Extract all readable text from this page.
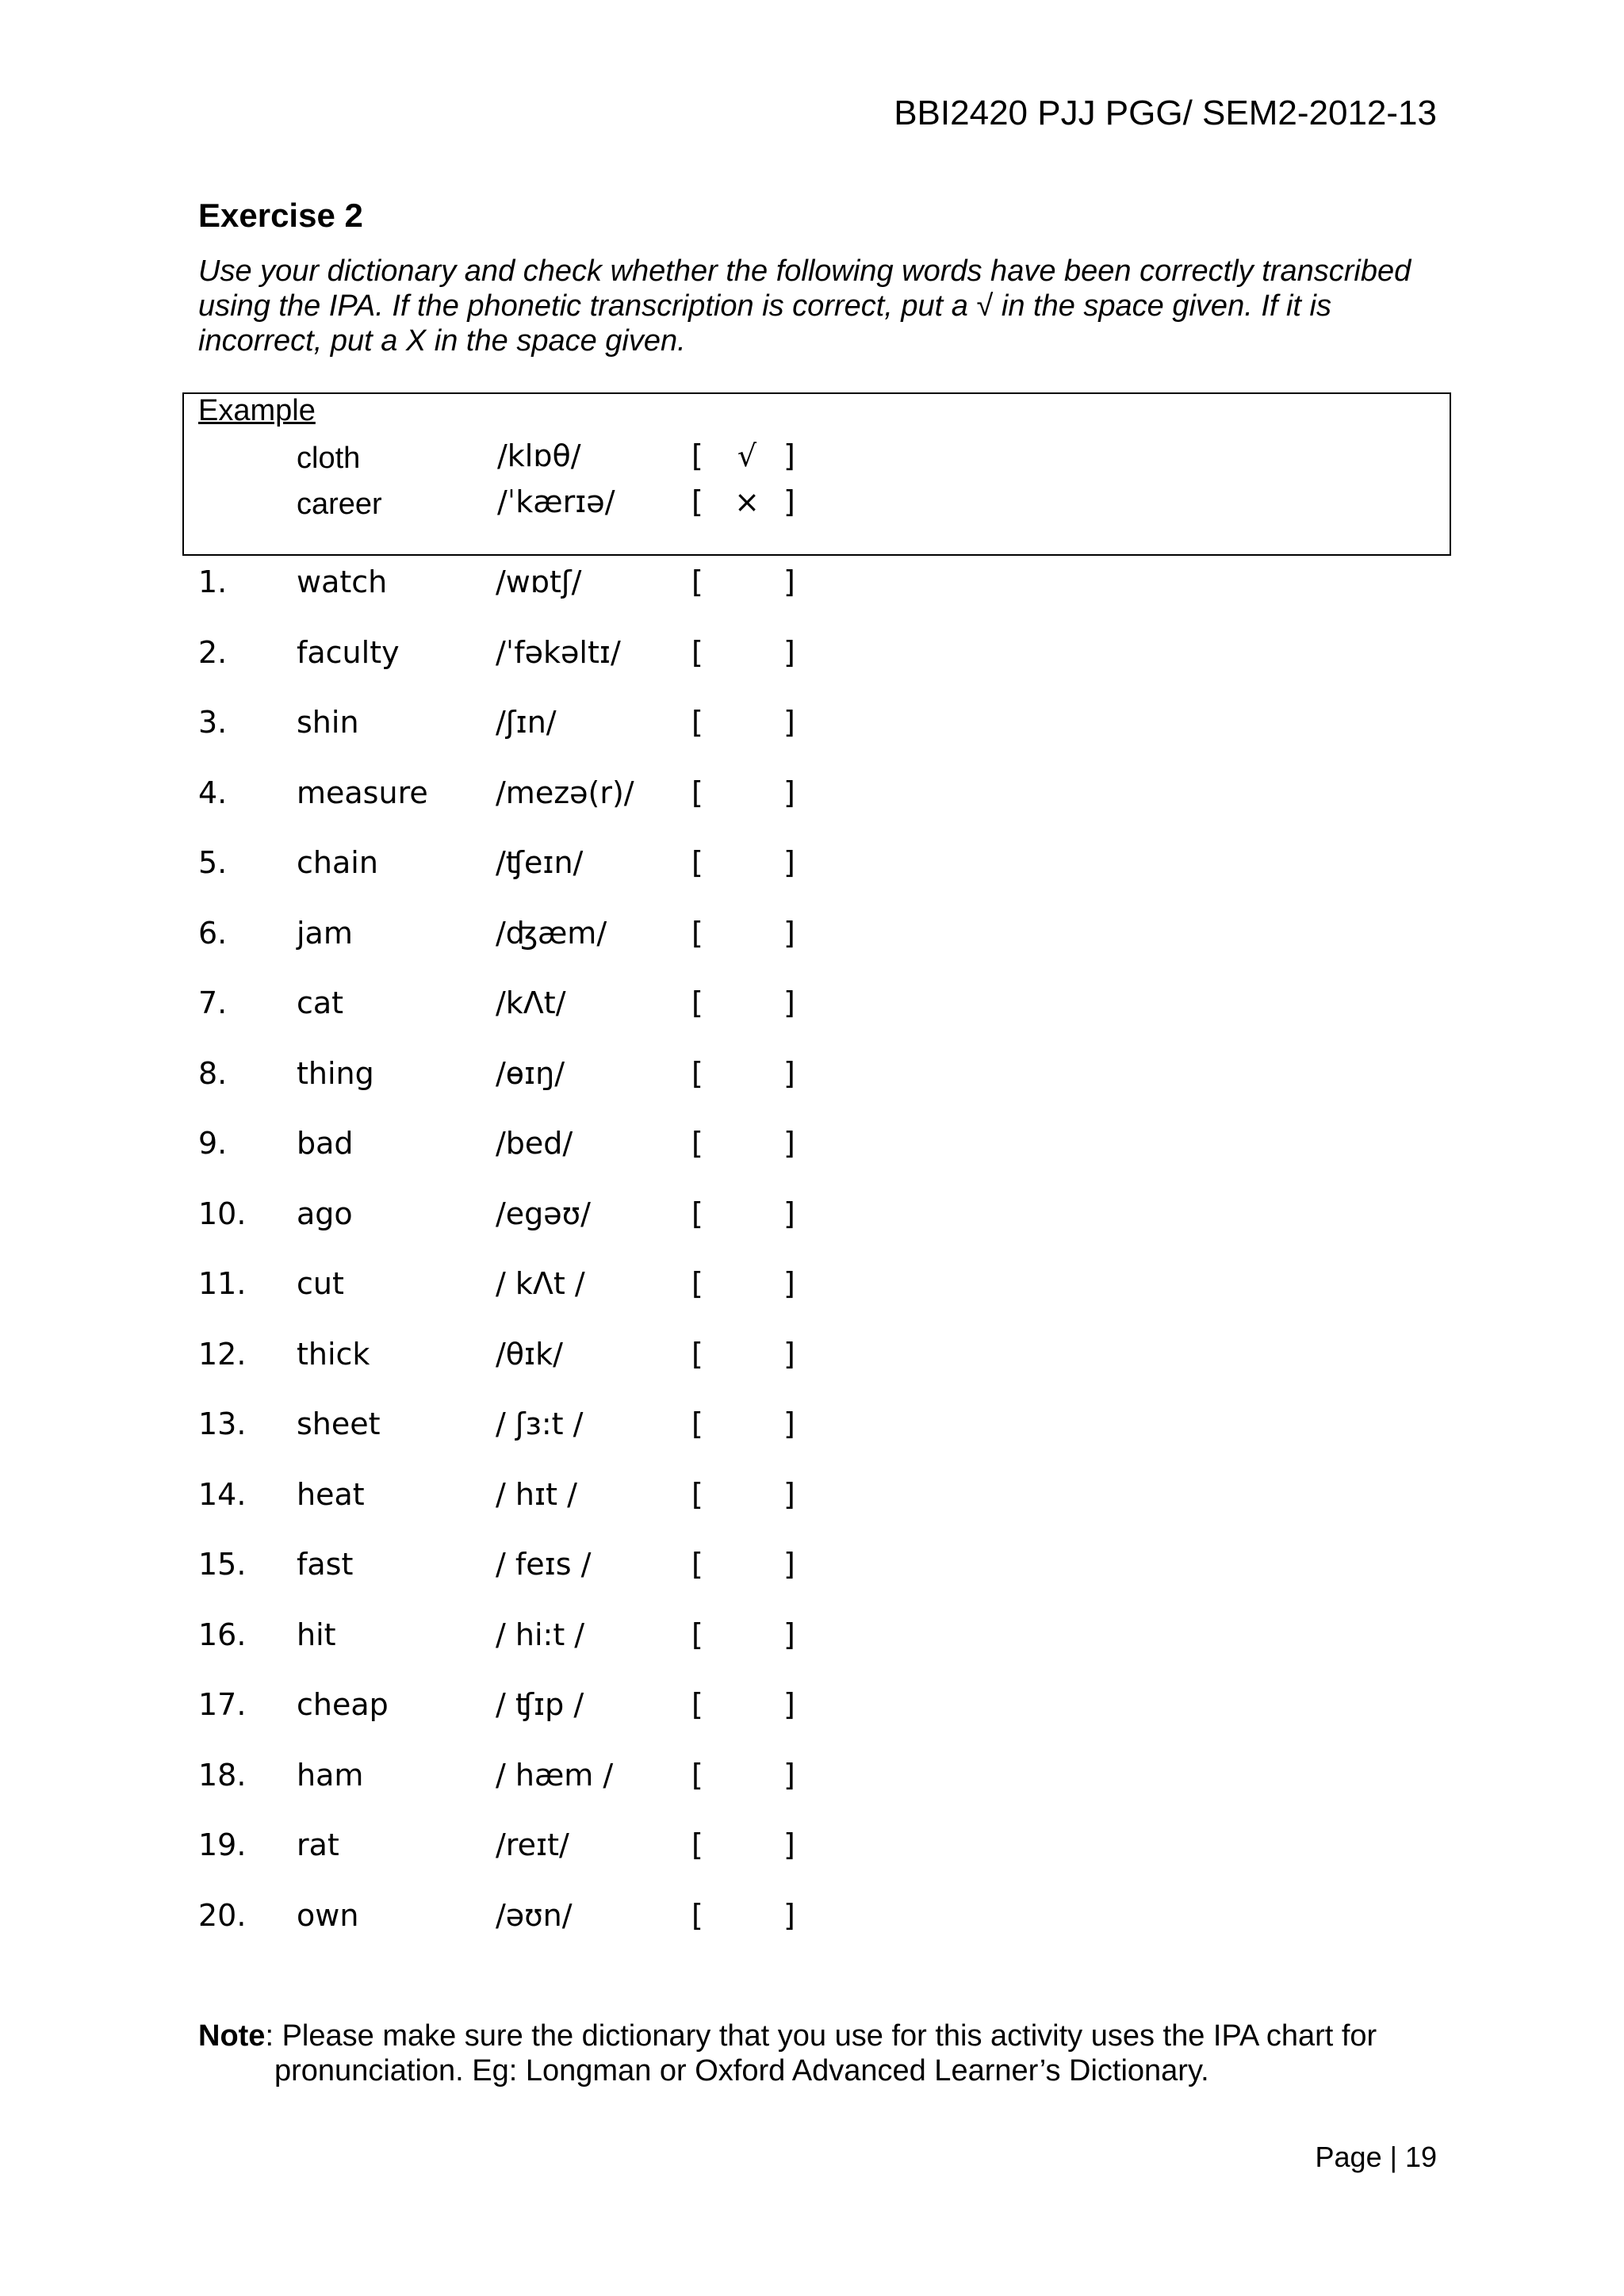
BBI2420 PJJ PGG/ SEM2-2012-13
Exercise 2
Use your dictionary and check whether the following words have been correctly transcribed using the IPA. If the phonetic transcription is correct, put a √ in the space given. If it is incorrect, put a X in the space given.
Example
cloth	/klɒθ/	[ √ ]
career	/ˈkærɪə/	[ × ]
1. watch	/wɒtʃ/	[	]
2. faculty	/ˈfəkəltɪ/ [	]
3. shin	/ʃɪn/	[	]
4. measure /mezə(r)/ [	]
5. chain	/ʧeɪn/	[	]
6. jam	/ʤæm/	[	]
7. cat	/kΛt/	[	]
8. thing	/ɵɪŋ/	[	]
9. bad	/bed/	[	]
10. ago	/egəʊ/	[	]
11. cut	/ kΛt /	[	]
12. thick	/θɪk/	[	]
13. sheet	/ ʃɜ:t /	[	]
14. heat	/ hɪt /	[	]
15. fast	/ feɪs /	[	]
16. hit	/ hi:t /	[	]
17. cheap	/ ʧɪp /	[	]
18. ham	/ hæm /	[	]
19. rat	/reɪt/	[	]
20. own	/əʊn/	[	]
Note: Please make sure the dictionary that you use for this activity uses the IPA chart for
pronunciation. Eg: Longman or Oxford Advanced Learner’s Dictionary.
Page | 19
